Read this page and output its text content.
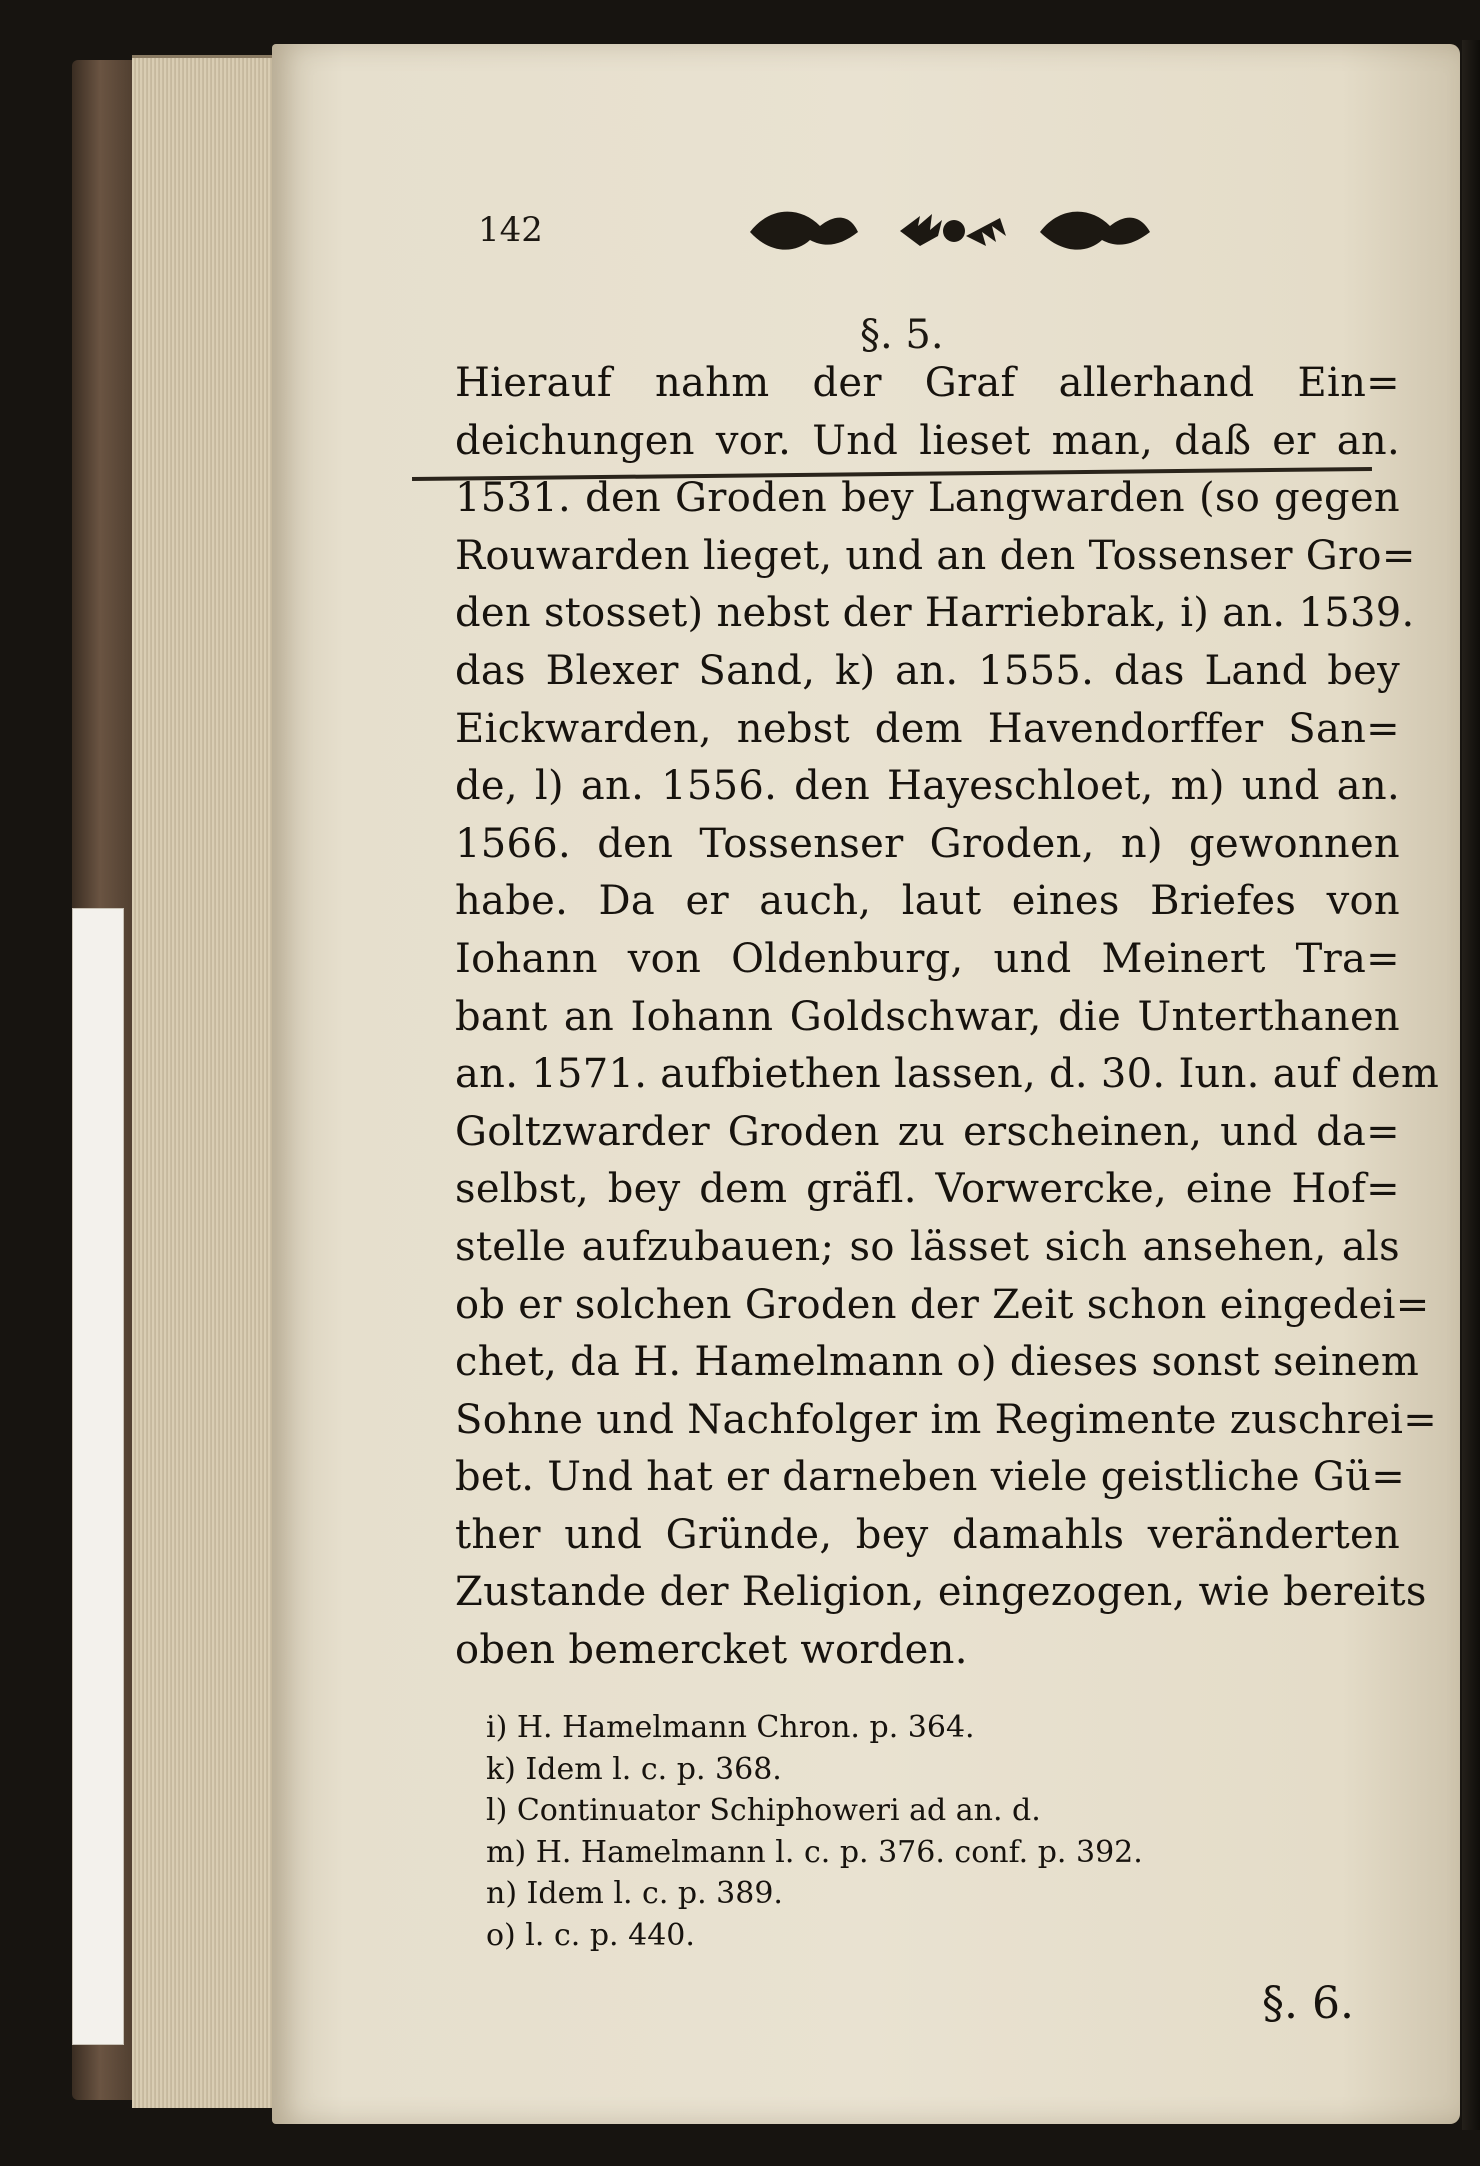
142
§. 5.
Hierauf nahm der Graf allerhand Ein=
deichungen vor. Und lieset man, daß er an.
1531. den Groden bey Langwarden (so gegen
Rouwarden lieget, und an den Tossenser Gro=
den stosset) nebst der Harriebrak, i) an. 1539.
das Blexer Sand, k) an. 1555. das Land bey
Eickwarden, nebst dem Havendorffer San=
de, l) an. 1556. den Hayeschloet, m) und an.
1566. den Tossenser Groden, n) gewonnen
habe. Da er auch, laut eines Briefes von
Iohann von Oldenburg, und Meinert Tra=
bant an Iohann Goldschwar, die Unterthanen
an. 1571. aufbiethen lassen, d. 30. Iun. auf dem
Goltzwarder Groden zu erscheinen, und da=
selbst, bey dem gräfl. Vorwercke, eine Hof=
stelle aufzubauen; so lässet sich ansehen, als
ob er solchen Groden der Zeit schon eingedei=
chet, da H. Hamelmann o) dieses sonst seinem
Sohne und Nachfolger im Regimente zuschrei=
bet. Und hat er darneben viele geistliche Gü=
ther und Gründe, bey damahls veränderten
Zustande der Religion, eingezogen, wie bereits
oben bemercket worden.
i) H. Hamelmann Chron. p. 364.
k) Idem l. c. p. 368.
l) Continuator Schiphoweri ad an. d.
m) H. Hamelmann l. c. p. 376. conf. p. 392.
n) Idem l. c. p. 389.
o) l. c. p. 440.
§. 6.
